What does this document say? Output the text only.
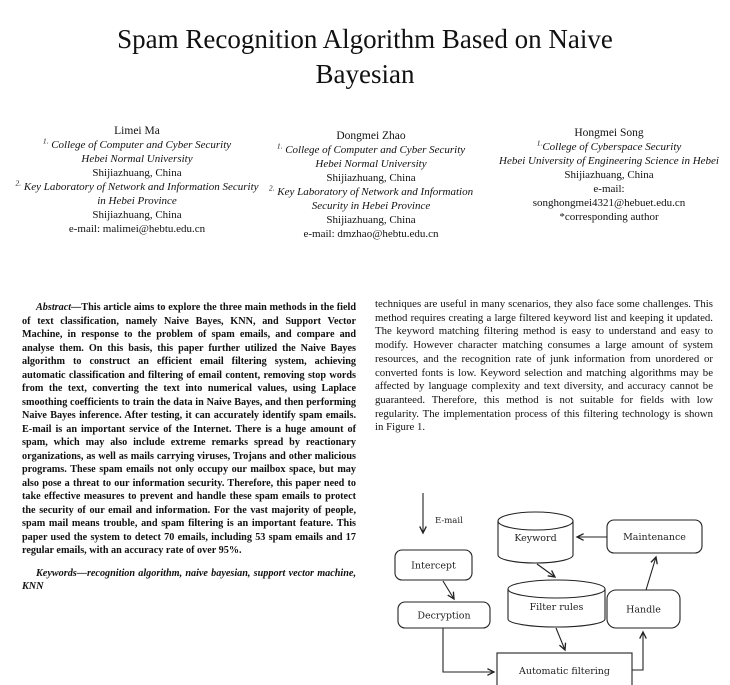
Spam Recognition Algorithm Based on Naive
Bayesian
Limei Ma
$^{1.}$ College of Computer and Cyber Security
Hebei Normal University
Shijiazhuang, China
$^{2.}$ Key Laboratory of Network and Information Security in Hebei Province
Shijiazhuang, China
e-mail: malimei@hebtu.edu.cn
Dongmei Zhao
$^{1.}$ College of Computer and Cyber Security
Hebei Normal University
Shijiazhuang, China
$^{2.}$ Key Laboratory of Network and Information Security in Hebei Province
Shijiazhuang, China
e-mail: dmzhao@hebtu.edu.cn
Hongmei Song
$^{1.}$College of Cyberspace Security
Hebei University of Engineering Science in Hebei
Shijiazhuang, China
e-mail:
songhongmei4321@hebuet.edu.cn
*corresponding author

Abstract—This article aims to explore the three main methods in the field of text classification, namely Naive Bayes, KNN, and Support Vector Machine, in response to the problem of spam emails, and compare and analyse them. On this basis, this paper further utilized the Naive Bayes algorithm to construct an efficient email filtering system, achieving automatic classification and filtering of email content, removing stop words from the text, converting the text into numerical values, using Laplace smoothing coefficients to train the data in Naive Bayes, and then performing Naive Bayes inference. After testing, it can accurately identify spam emails. E-mail is an important service of the Internet. There is a huge amount of spam, which may also include extreme remarks spread by reactionary organizations, as well as mails carrying viruses, Trojans and other malicious programs. These spam emails not only occupy our mailbox space, but may also pose a threat to our information security. Therefore, this paper need to take effective measures to prevent and handle these spam emails to protect the security of our email and information. For the vast majority of people, spam mail means trouble, and spam filtering is an important feature. This paper used the system to detect 70 emails, including 53 spam emails and 17 regular emails, with an accuracy rate of over 95%.

Keywords—recognition algorithm, naive bayesian, support vector machine, KNN

techniques are useful in many scenarios, they also face some challenges. This method requires creating a large filtered keyword list and keeping it updated. The keyword matching filtering method is easy to understand and easy to modify. However character matching consumes a large amount of system resources, and the recognition rate of junk information from unordered or converted fonts is low. Keyword selection and matching algorithms may be affected by language complexity and text diversity, and accuracy cannot be guaranteed. Therefore, this method is not suitable for fields with low regularity. The implementation process of this filtering technology is shown in Figure 1.

E-mail
Intercept
Decryption
Keyword
Filter rules
Maintenance
Handle
Automatic filtering
